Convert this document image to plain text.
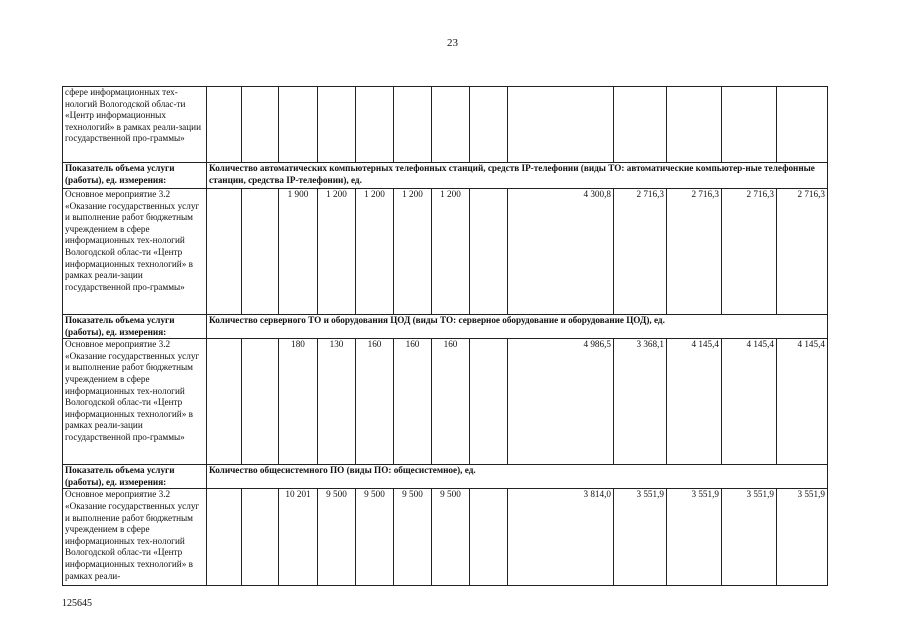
23
сфере информационных тех-нологий Вологодской облас-ти «Центр информационных технологий» в рамках реали-зации государственной про-граммы»													
Показатель объема услуги (работы), ед. измерения:	Количество автоматических компьютерных телефонных станций, средств IP-телефонии (виды ТО: автоматические компьютер-ные телефонные станции, средства IP-телефонии), ед.												
Основное мероприятие 3.2 «Оказание государственных услуг и выполнение работ бюджетным учреждением в сфере информационных тех-нологий Вологодской облас-ти «Центр информационных технологий» в рамках реали-зации государственной про-граммы»			1 900	1 200	1 200	1 200	1 200		4 300,8	2 716,3	2 716,3	2 716,3	2 716,3
Показатель объема услуги (работы), ед. измерения:	Количество серверного ТО и оборудования ЦОД (виды ТО: серверное оборудование и оборудование ЦОД), ед.												
Основное мероприятие 3.2 «Оказание государственных услуг и выполнение работ бюджетным учреждением в сфере информационных тех-нологий Вологодской облас-ти «Центр информационных технологий» в рамках реали-зации государственной про-граммы»			180	130	160	160	160		4 986,5	3 368,1	4 145,4	4 145,4	4 145,4
Показатель объема услуги (работы), ед. измерения:	Количество общесистемного ПО (виды ПО: общесистемное), ед.												
Основное мероприятие 3.2 «Оказание государственных услуг и выполнение работ бюджетным учреждением в сфере информационных тех-нологий Вологодской облас-ти «Центр информационных технологий» в рамках реали-			10 201	9 500	9 500	9 500	9 500		3 814,0	3 551,9	3 551,9	3 551,9	3 551,9
125645
